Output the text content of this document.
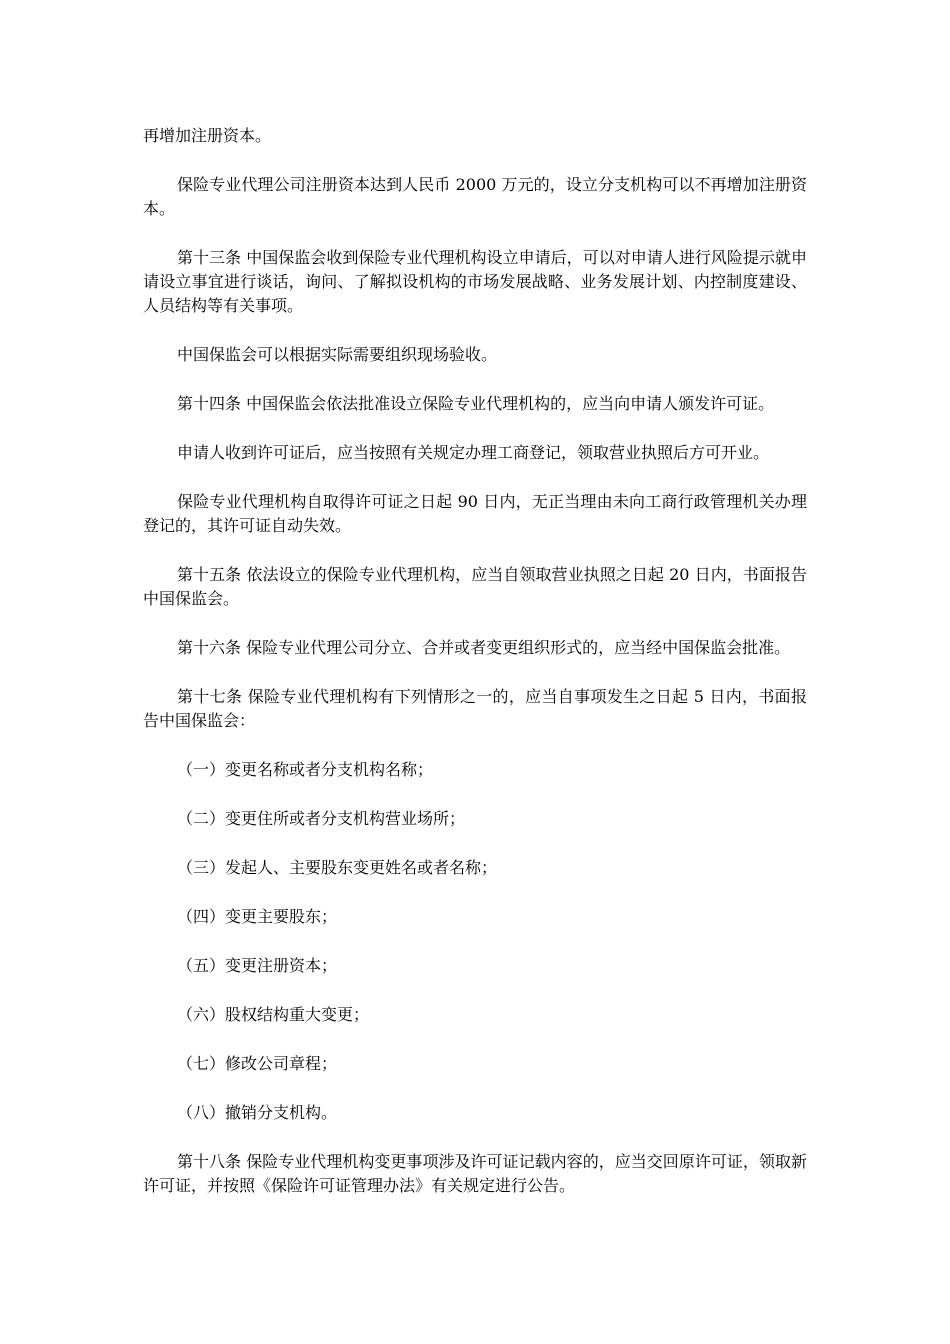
再增加注册资本。

保险专业代理公司注册资本达到人民币 2000 万元的，设立分支机构可以不再增加注册资本。

第十三条 中国保监会收到保险专业代理机构设立申请后，可以对申请人进行风险提示就申请设立事宜进行谈话，询问、了解拟设机构的市场发展战略、业务发展计划、内控制度建设、人员结构等有关事项。

中国保监会可以根据实际需要组织现场验收。

第十四条 中国保监会依法批准设立保险专业代理机构的，应当向申请人颁发许可证。

申请人收到许可证后，应当按照有关规定办理工商登记，领取营业执照后方可开业。

保险专业代理机构自取得许可证之日起 90 日内，无正当理由未向工商行政管理机关办理登记的，其许可证自动失效。

第十五条 依法设立的保险专业代理机构，应当自领取营业执照之日起 20 日内，书面报告中国保监会。

第十六条 保险专业代理公司分立、合并或者变更组织形式的，应当经中国保监会批准。

第十七条 保险专业代理机构有下列情形之一的，应当自事项发生之日起 5 日内，书面报告中国保监会：

（一）变更名称或者分支机构名称；

（二）变更住所或者分支机构营业场所；

（三）发起人、主要股东变更姓名或者名称；

（四）变更主要股东；

（五）变更注册资本；

（六）股权结构重大变更；

（七）修改公司章程；

（八）撤销分支机构。

第十八条 保险专业代理机构变更事项涉及许可证记载内容的，应当交回原许可证，领取新许可证，并按照《保险许可证管理办法》有关规定进行公告。
